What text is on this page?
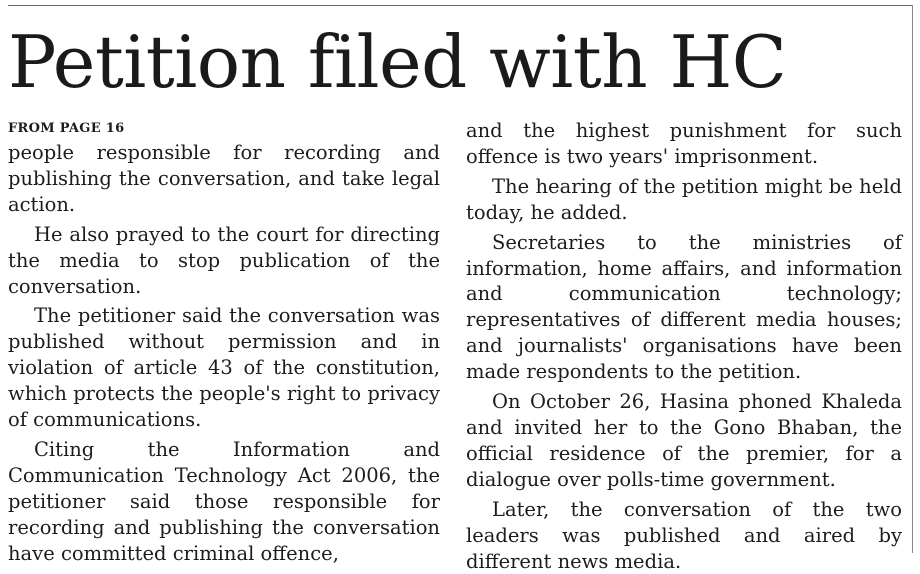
Petition filed with HC
FROM PAGE 16

people responsible for recording and publishing the conversation, and take legal action.

He also prayed to the court for directing the media to stop publication of the conversation.

The petitioner said the conversation was published without permission and in violation of article 43 of the constitution, which protects the people's right to privacy of communications.

Citing the Information and Communication Technology Act 2006, the petitioner said those responsible for recording and publishing the conversation have committed criminal offence,

and the highest punishment for such offence is two years' imprisonment.

The hearing of the petition might be held today, he added.

Secretaries to the ministries of information, home affairs, and information and communication technology; representatives of different media houses; and journalists' organisations have been made respondents to the petition.

On October 26, Hasina phoned Khaleda and invited her to the Gono Bhaban, the official residence of the premier, for a dialogue over polls-time government.

Later, the conversation of the two leaders was published and aired by different news media.
